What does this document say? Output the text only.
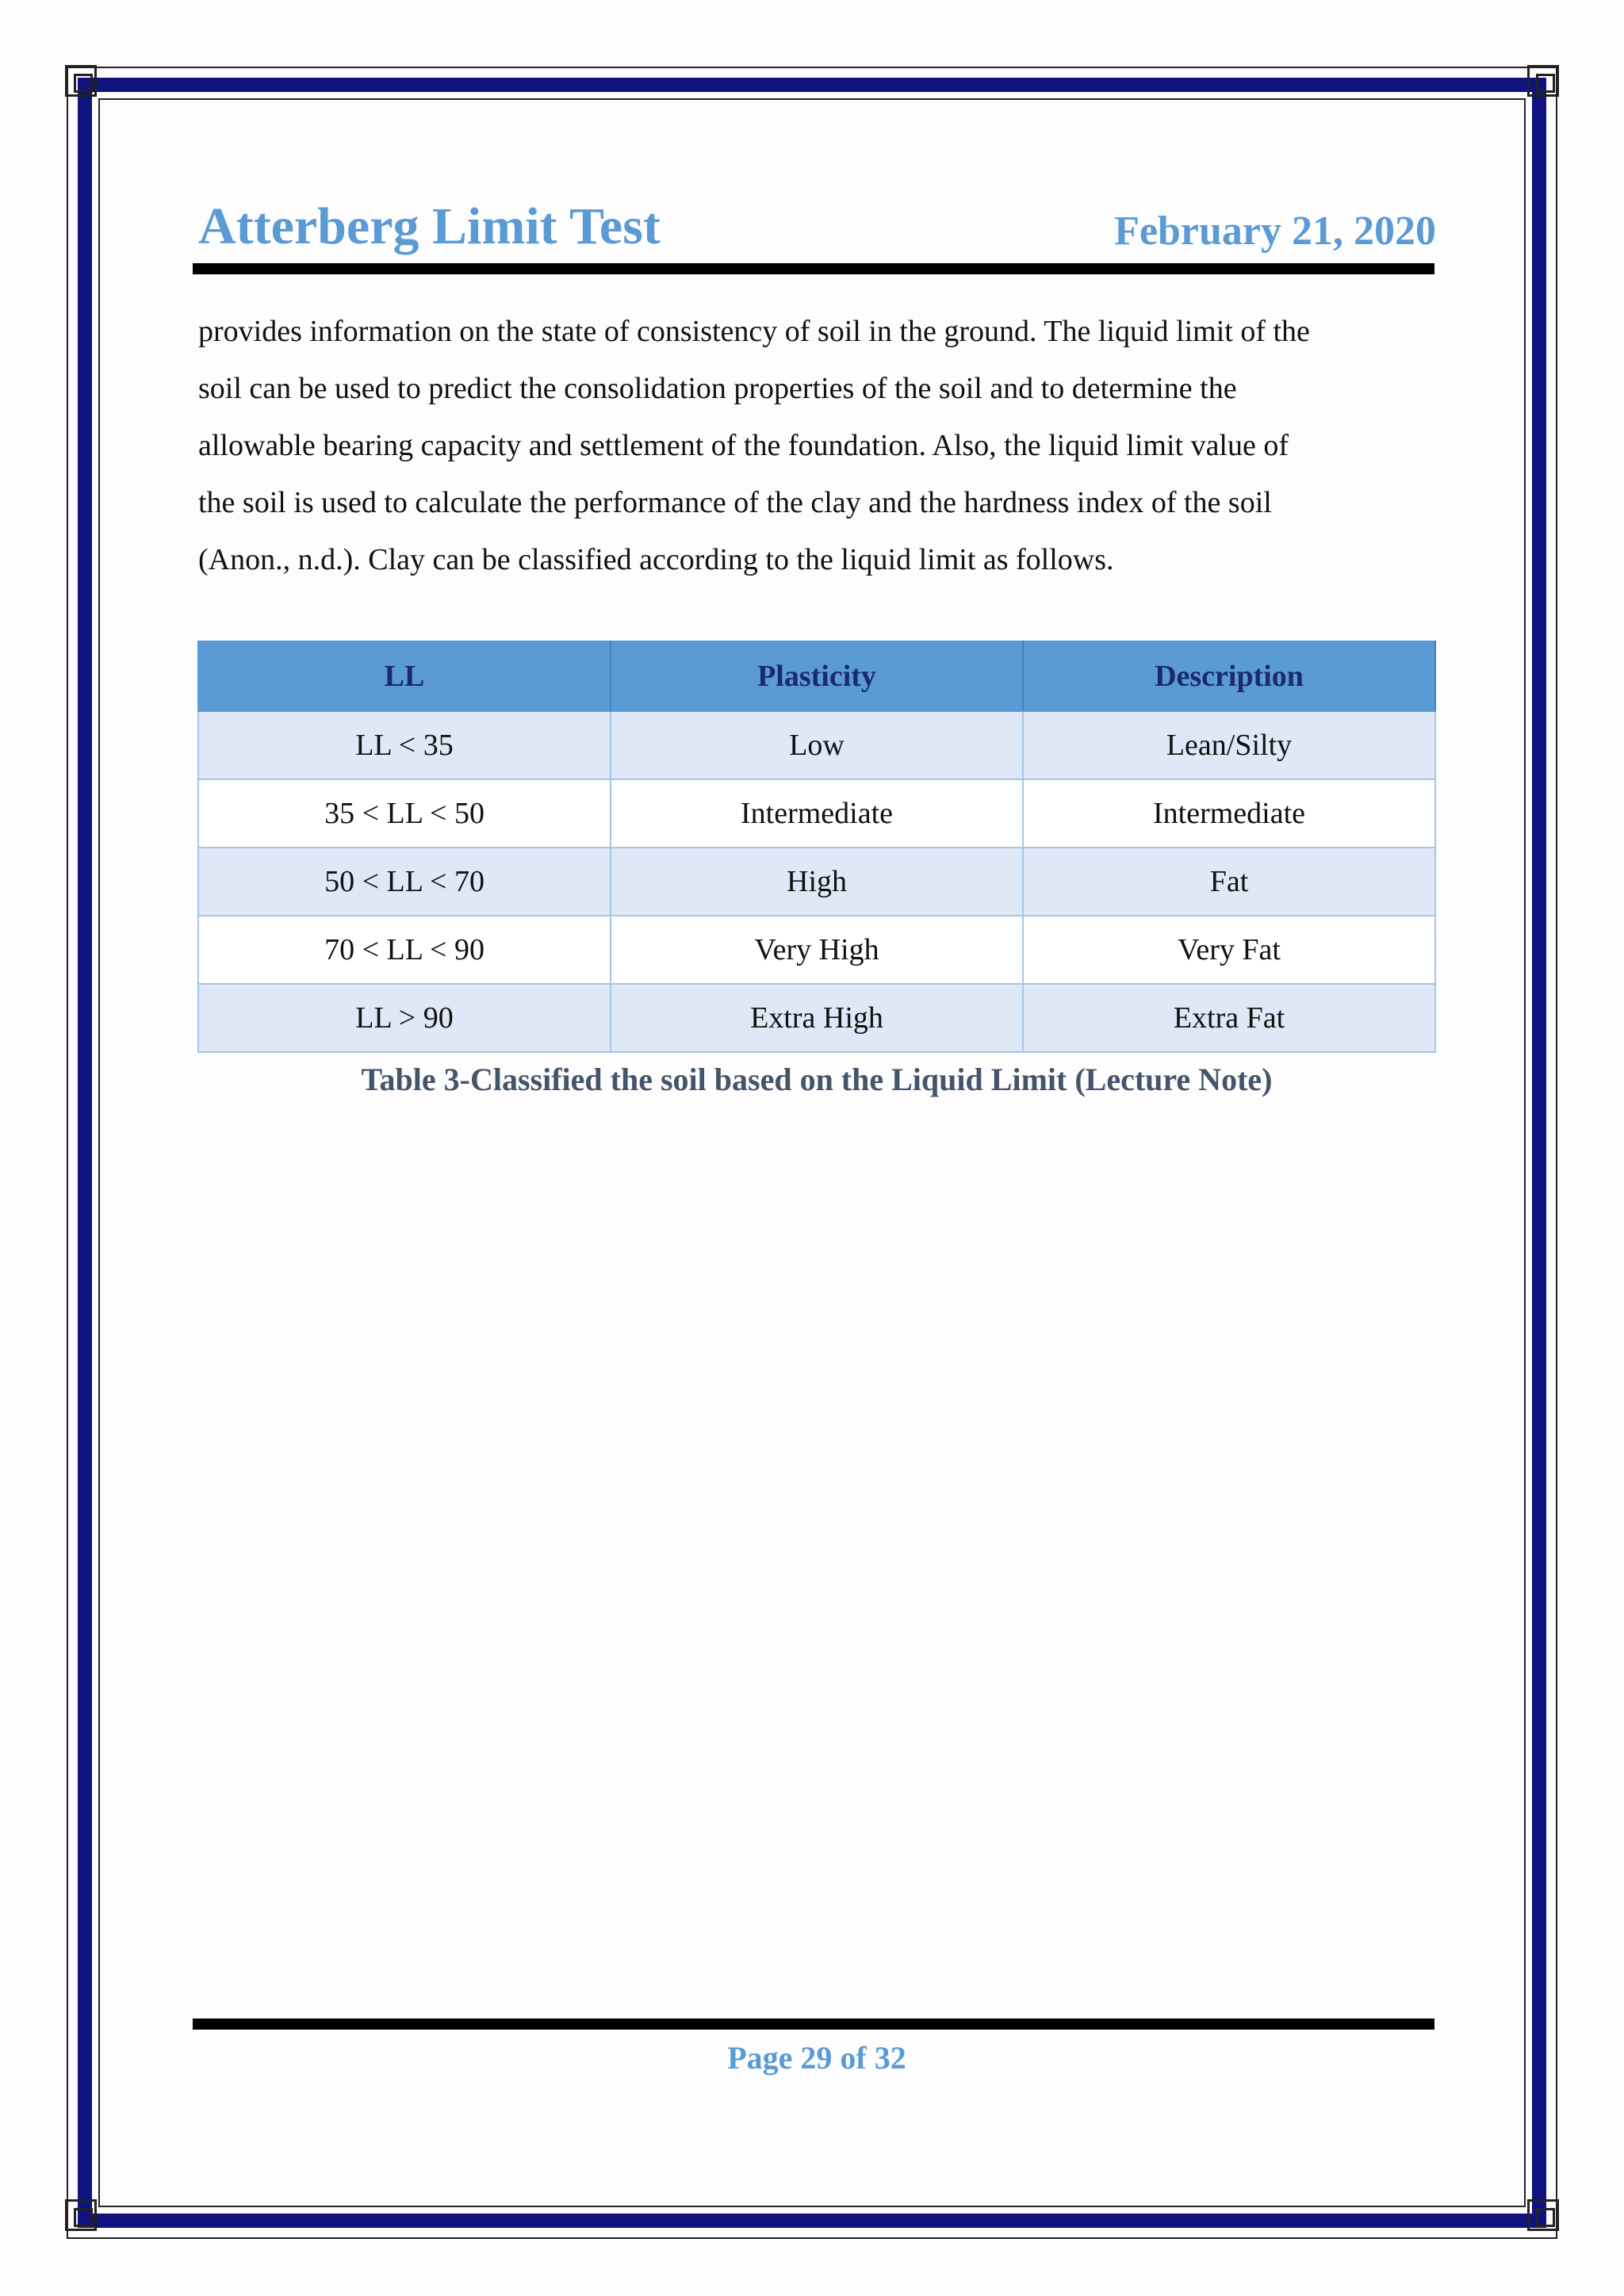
Atterberg Limit Test	February 21, 2020

provides information on the state of consistency of soil in the ground. The liquid limit of the

soil can be used to predict the consolidation properties of the soil and to determine the

allowable bearing capacity and settlement of the foundation. Also, the liquid limit value of

the soil is used to calculate the performance of the clay and the hardness index of the soil

(Anon., n.d.). Clay can be classified according to the liquid limit as follows.

LL	Plasticity	Description
LL < 35	Low	Lean/Silty
35 < LL < 50	Intermediate	Intermediate
50 < LL < 70	High	Fat
70 < LL < 90	Very High	Very Fat
LL > 90	Extra High	Extra Fat
Table 3-Classified the soil based on the Liquid Limit (Lecture Note)
Page 29 of 32
